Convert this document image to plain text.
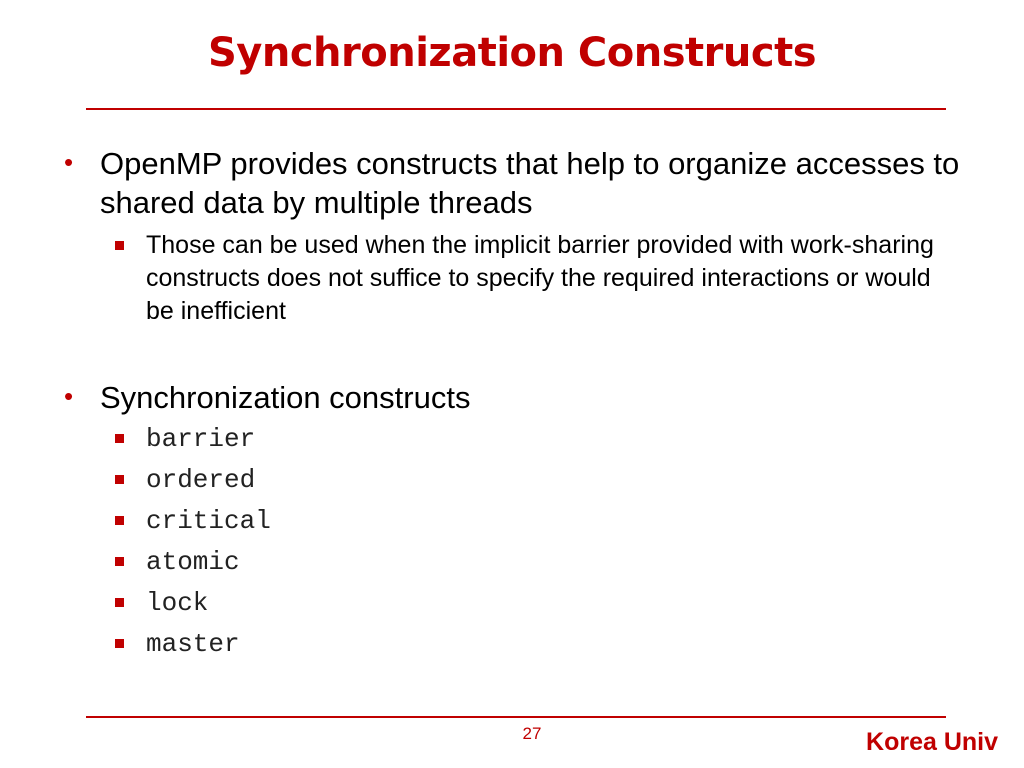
Synchronization Constructs
• OpenMP provides constructs that help to organize accesses to shared data by multiple threads
Those can be used when the implicit barrier provided with work-sharing constructs does not suffice to specify the required interactions or would be inefficient
• Synchronization constructs
barrier
ordered
critical
atomic
lock
master
27	Korea Univ
